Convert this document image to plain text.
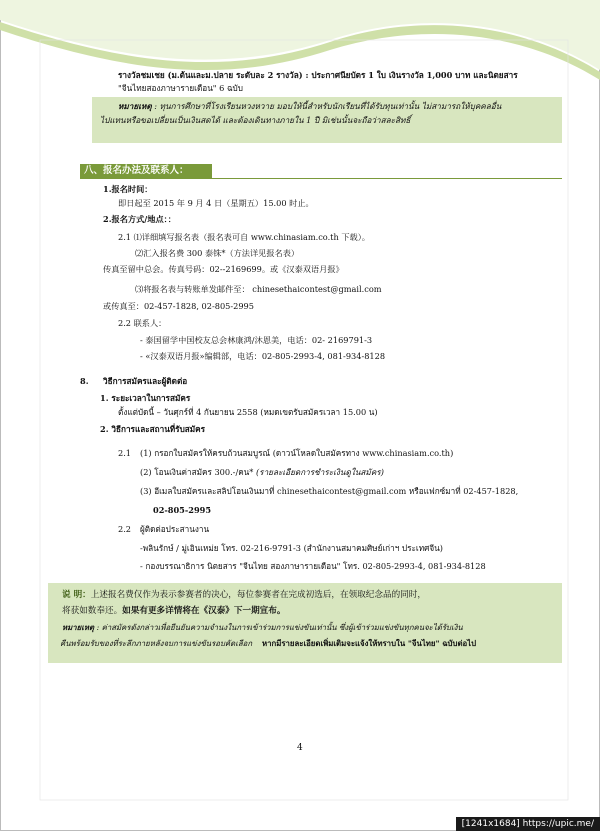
รางวัลชมเชย (ม.ต้นและม.ปลาย ระดับละ 2 รางวัล) : ประกาศนียบัตร 1 ใบ เงินรางวัล 1,000 บาท และนิตยสาร
"จีนไทยสองภาษารายเดือน" 6 ฉบับ
หมายเหตุ : ทุนการศึกษาที่โรงเรียนหวงหวาย มอบให้นี้สำหรับนักเรียนที่ได้รับทุนเท่านั้น ไม่สามารถให้บุคคลอื่น
ไปแทนหรือขอเปลี่ยนเป็นเงินสดได้ และต้องเดินทางภายใน 1 ปี มิเช่นนั้นจะถือว่าสละสิทธิ์
八、报名办法及联系人：
1.报名时间：
即日起至 2015 年 9 月 4 日（星期五）15.00 时止。
2.报名方式/地点：：
2.1 ⑴详细填写报名表（报名表可自 www.chinasiam.co.th 下载）。
⑵汇入报名费 300 泰铢*（方法详见报名表）
传真至留中总会。传真号码：02--2169699。或《汉泰双语月报》
⑶将报名表与转账单发邮件至： chinesethaicontest@gmail.com
或传真至：02-457-1828, 02-805-2995
2.2 联系人：
- 泰国留学中国校友总会林康鸿/沐恩美，电话：02- 2169791-3
- «汉泰双语月报»编辑部，电话：02-805-2993-4, 081-934-8128
8. วิธีการสมัครและผู้ติดต่อ
1. ระยะเวลาในการสมัคร
ตั้งแต่บัดนี้ – วันศุกร์ที่ 4 กันยายน 2558 (หมดเขตรับสมัครเวลา 15.00 น)
2. วิธีการและสถานที่รับสมัคร
2.1 (1) กรอกใบสมัครให้ครบถ้วนสมบูรณ์ (ดาวน์โหลดใบสมัครทาง www.chinasiam.co.th)
(2) โอนเงินค่าสมัคร 300.-/คน* (รายละเอียดการชำระเงินดูในสมัคร)
(3) อีเมลใบสมัครและสลิปโอนเงินมาที่ chinesethaicontest@gmail.com หรือแฟกซ์มาที่ 02-457-1828,
02-805-2995
2.2 ผู้ติดต่อประสานงาน
-พลินรักษ์ / มู่เอินเหม่ย โทร. 02-216-9791-3 (สำนักงานสมาคมศิษย์เก่าฯ ประเทศจีน)
- กองบรรณาธิการ นิตยสาร "จีนไทย สองภาษารายเดือน" โทร. 02-805-2993-4, 081-934-8128
说 明：上述报名费仅作为表示参赛者的决心，每位参赛者在完成初选后，在领取纪念品的同时，
将获如数奉还。如果有更多详情将在《汉泰》下一期宣布。
หมายเหตุ : ค่าสมัครดังกล่าวเพื่อยืนยันความจำนงในการเข้าร่วมการแข่งขันเท่านั้น ซึ่งผู้เข้าร่วมแข่งขันทุกคนจะได้รับเงิน
คืนพร้อมรับของที่ระลึกภายหลังจบการแข่งขันรอบคัดเลือก หากมีรายละเอียดเพิ่มเติมจะแจ้งให้ทราบใน "จีนไทย" ฉบับต่อไป
4
[1241x1684] https://upic.me/
